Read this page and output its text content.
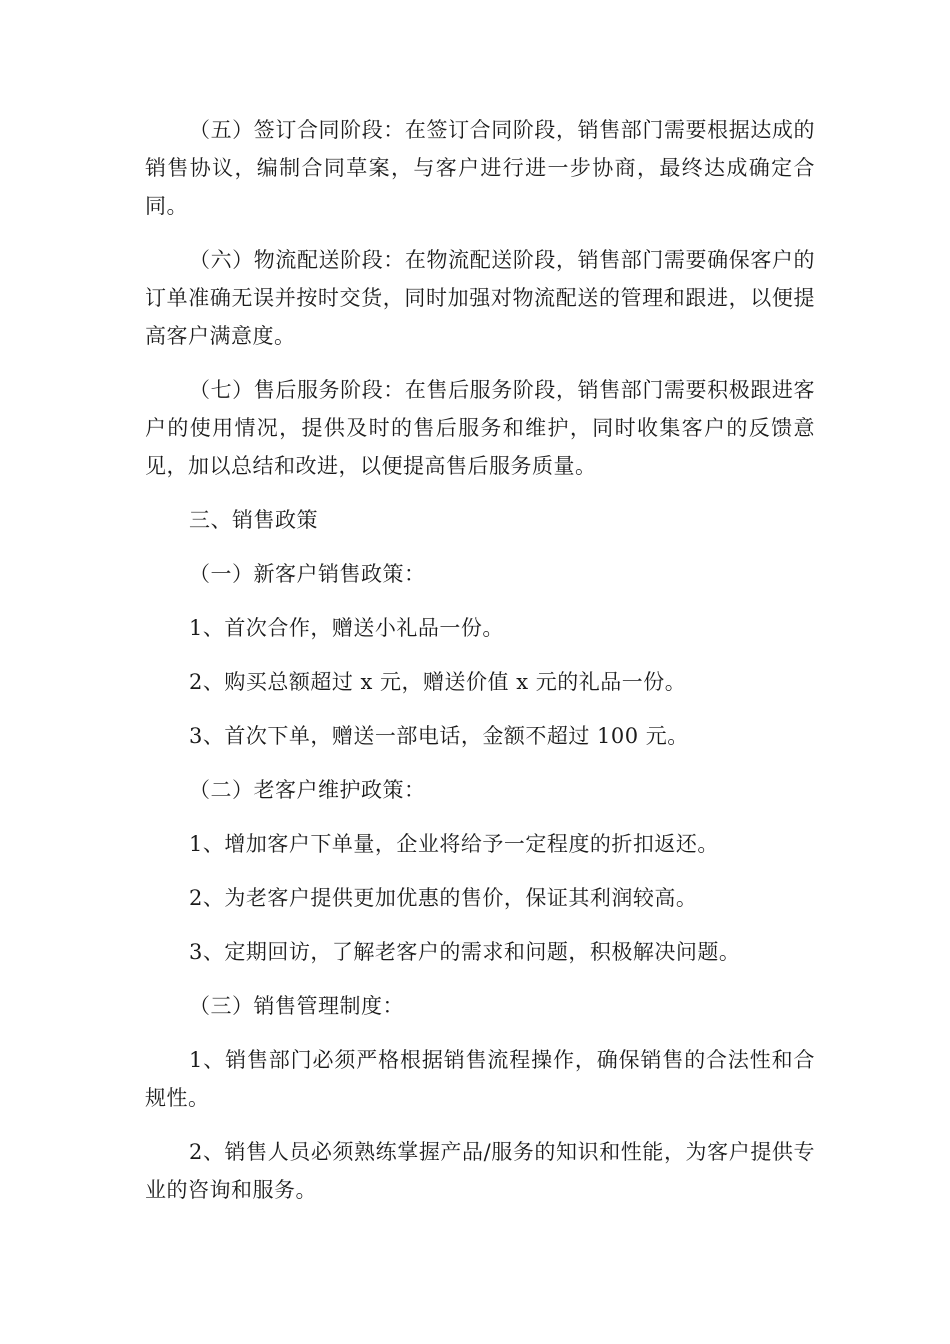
（五）签订合同阶段：在签订合同阶段，销售部门需要根据达成的销售协议，编制合同草案，与客户进行进一步协商，最终达成确定合同。

（六）物流配送阶段：在物流配送阶段，销售部门需要确保客户的订单准确无误并按时交货，同时加强对物流配送的管理和跟进，以便提高客户满意度。

（七）售后服务阶段：在售后服务阶段，销售部门需要积极跟进客户的使用情况，提供及时的售后服务和维护，同时收集客户的反馈意见，加以总结和改进，以便提高售后服务质量。

三、销售政策

（一）新客户销售政策：

1、首次合作，赠送小礼品一份。

2、购买总额超过 x 元，赠送价值 x 元的礼品一份。

3、首次下单，赠送一部电话，金额不超过 100 元。

（二）老客户维护政策：

1、增加客户下单量，企业将给予一定程度的折扣返还。

2、为老客户提供更加优惠的售价，保证其利润较高。

3、定期回访，了解老客户的需求和问题，积极解决问题。

（三）销售管理制度：

1、销售部门必须严格根据销售流程操作，确保销售的合法性和合规性。

2、销售人员必须熟练掌握产品/服务的知识和性能，为客户提供专业的咨询和服务。
